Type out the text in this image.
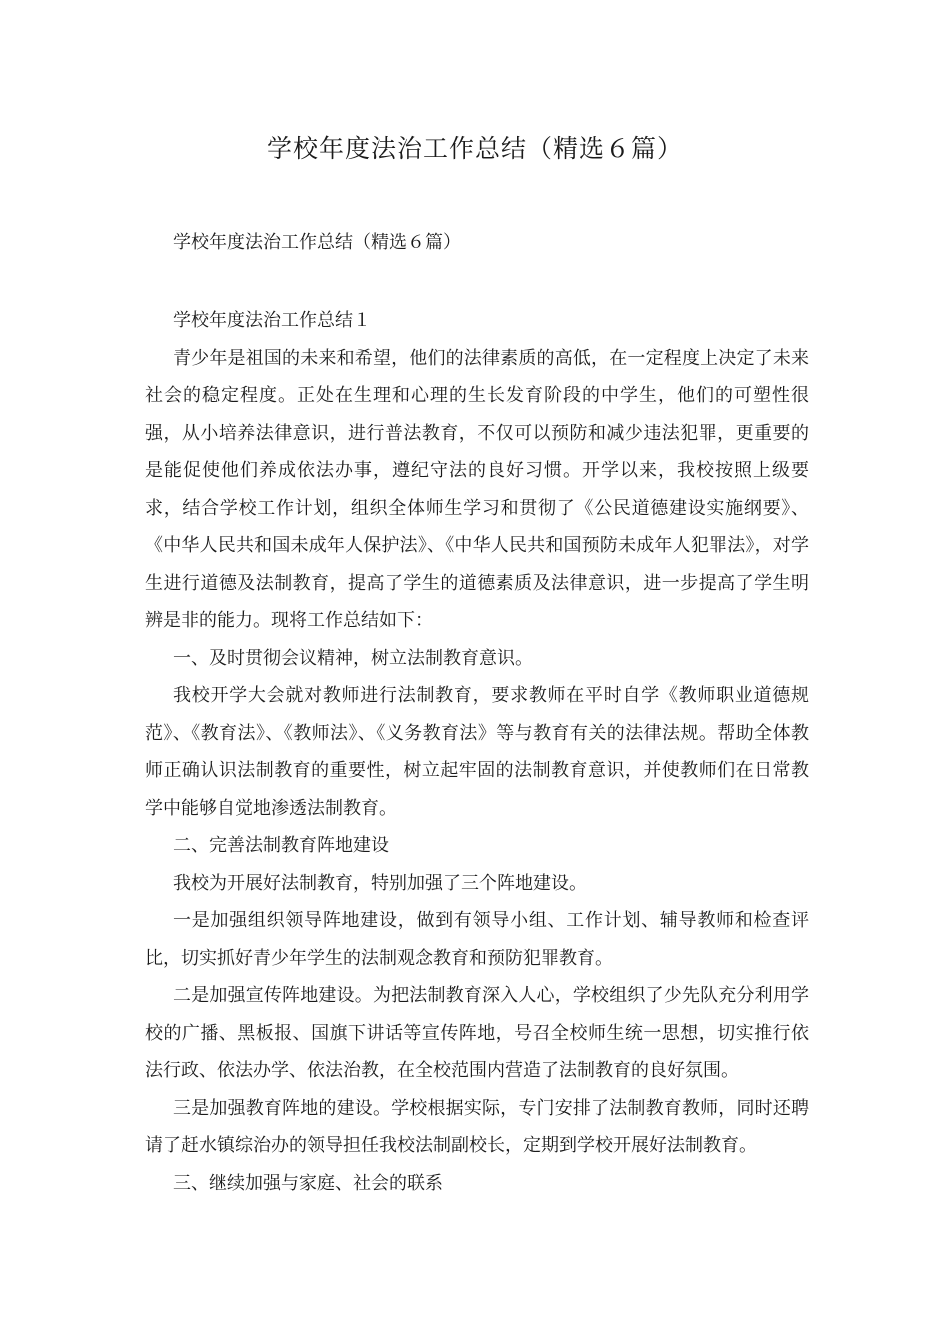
学校年度法治工作总结（精选６篇）

学校年度法治工作总结（精选６篇）

学校年度法治工作总结１

青少年是祖国的未来和希望，他们的法律素质的高低，在一定程度上决定了未来社会的稳定程度。正处在生理和心理的生长发育阶段的中学生，他们的可塑性很强，从小培养法律意识，进行普法教育，不仅可以预防和减少违法犯罪，更重要的是能促使他们养成依法办事，遵纪守法的良好习惯。开学以来，我校按照上级要求，结合学校工作计划，组织全体师生学习和贯彻了《公民道德建设实施纲要》、《中华人民共和国未成年人保护法》、《中华人民共和国预防未成年人犯罪法》，对学生进行道德及法制教育，提高了学生的道德素质及法律意识，进一步提高了学生明辨是非的能力。现将工作总结如下：

一、及时贯彻会议精神，树立法制教育意识。

我校开学大会就对教师进行法制教育，要求教师在平时自学《教师职业道德规范》、《教育法》、《教师法》、《义务教育法》等与教育有关的法律法规。帮助全体教师正确认识法制教育的重要性，树立起牢固的法制教育意识，并使教师们在日常教学中能够自觉地渗透法制教育。

二、完善法制教育阵地建设

我校为开展好法制教育，特别加强了三个阵地建设。

一是加强组织领导阵地建设，做到有领导小组、工作计划、辅导教师和检查评比，切实抓好青少年学生的法制观念教育和预防犯罪教育。

二是加强宣传阵地建设。为把法制教育深入人心，学校组织了少先队充分利用学校的广播、黑板报、国旗下讲话等宣传阵地，号召全校师生统一思想，切实推行依法行政、依法办学、依法治教，在全校范围内营造了法制教育的良好氛围。

三是加强教育阵地的建设。学校根据实际，专门安排了法制教育教师，同时还聘请了赶水镇综治办的领导担任我校法制副校长，定期到学校开展好法制教育。

三、继续加强与家庭、社会的联系
